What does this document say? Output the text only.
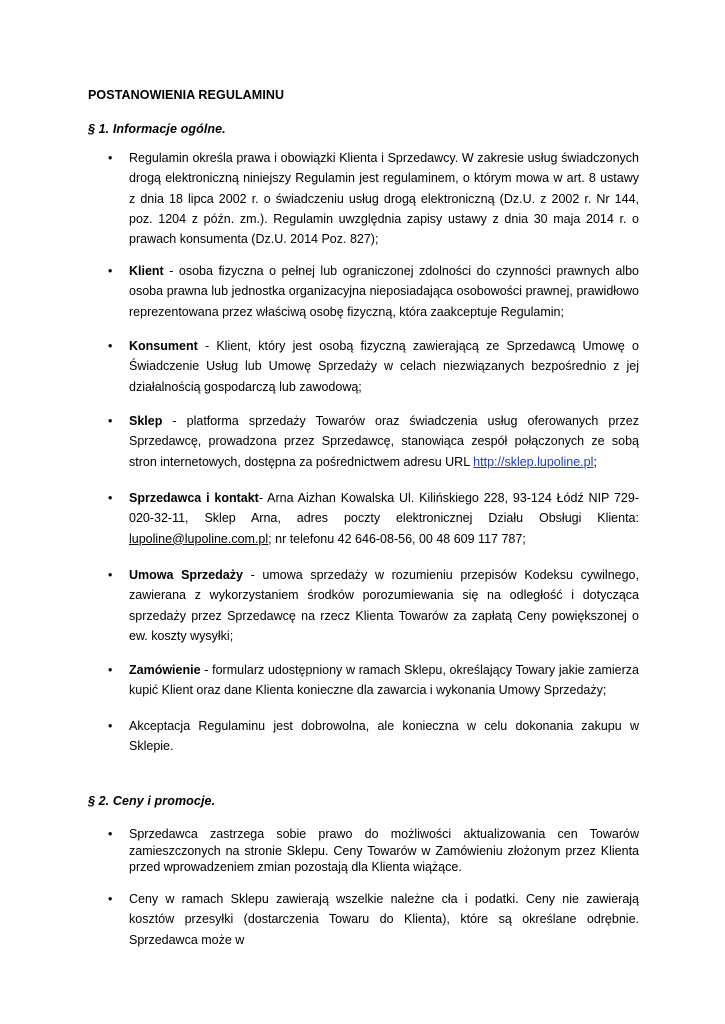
POSTANOWIENIA REGULAMINU
§ 1. Informacje ogólne.
• Regulamin określa prawa i obowiązki Klienta i Sprzedawcy. W zakresie usług świadczonych drogą elektroniczną niniejszy Regulamin jest regulaminem, o którym mowa w art. 8 ustawy z dnia 18 lipca 2002 r. o świadczeniu usług drogą elektroniczną (Dz.U. z 2002 r. Nr 144, poz. 1204 z późn. zm.). Regulamin uwzględnia zapisy ustawy z dnia 30 maja 2014 r. o prawach konsumenta (Dz.U. 2014 Poz. 827);
• Klient - osoba fizyczna o pełnej lub ograniczonej zdolności do czynności prawnych albo osoba prawna lub jednostka organizacyjna nieposiadająca osobowości prawnej, prawidłowo reprezentowana przez właściwą osobę fizyczną, która zaakceptuje Regulamin;
• Konsument - Klient, który jest osobą fizyczną zawierającą ze Sprzedawcą Umowę o Świadczenie Usług lub Umowę Sprzedaży w celach niezwiązanych bezpośrednio z jej działalnością gospodarczą lub zawodową;
• Sklep - platforma sprzedaży Towarów oraz świadczenia usług oferowanych przez Sprzedawcę, prowadzona przez Sprzedawcę, stanowiąca zespół połączonych ze sobą stron internetowych, dostępna za pośrednictwem adresu URL http://sklep.lupoline.pl;
• Sprzedawca i kontakt- Arna Aizhan Kowalska Ul. Kilińskiego 228, 93-124 Łódź NIP 729-020-32-11, Sklep Arna, adres poczty elektronicznej Działu Obsługi Klienta: lupoline@lupoline.com.pl; nr telefonu 42 646-08-56, 00 48 609 117 787;
• Umowa Sprzedaży - umowa sprzedaży w rozumieniu przepisów Kodeksu cywilnego, zawierana z wykorzystaniem środków porozumiewania się na odległość i dotycząca sprzedaży przez Sprzedawcę na rzecz Klienta Towarów za zapłatą Ceny powiększonej o ew. koszty wysyłki;
• Zamówienie - formularz udostępniony w ramach Sklepu, określający Towary jakie zamierza kupić Klient oraz dane Klienta konieczne dla zawarcia i wykonania Umowy Sprzedaży;
• Akceptacja Regulaminu jest dobrowolna, ale konieczna w celu dokonania zakupu w Sklepie.
§ 2. Ceny i promocje.
• Sprzedawca zastrzega sobie prawo do możliwości aktualizowania cen Towarów zamieszczonych na stronie Sklepu. Ceny Towarów w Zamówieniu złożonym przez Klienta przed wprowadzeniem zmian pozostają dla Klienta wiążące.
• Ceny w ramach Sklepu zawierają wszelkie należne cła i podatki. Ceny nie zawierają kosztów przesyłki (dostarczenia Towaru do Klienta), które są określane odrębnie. Sprzedawca może w
